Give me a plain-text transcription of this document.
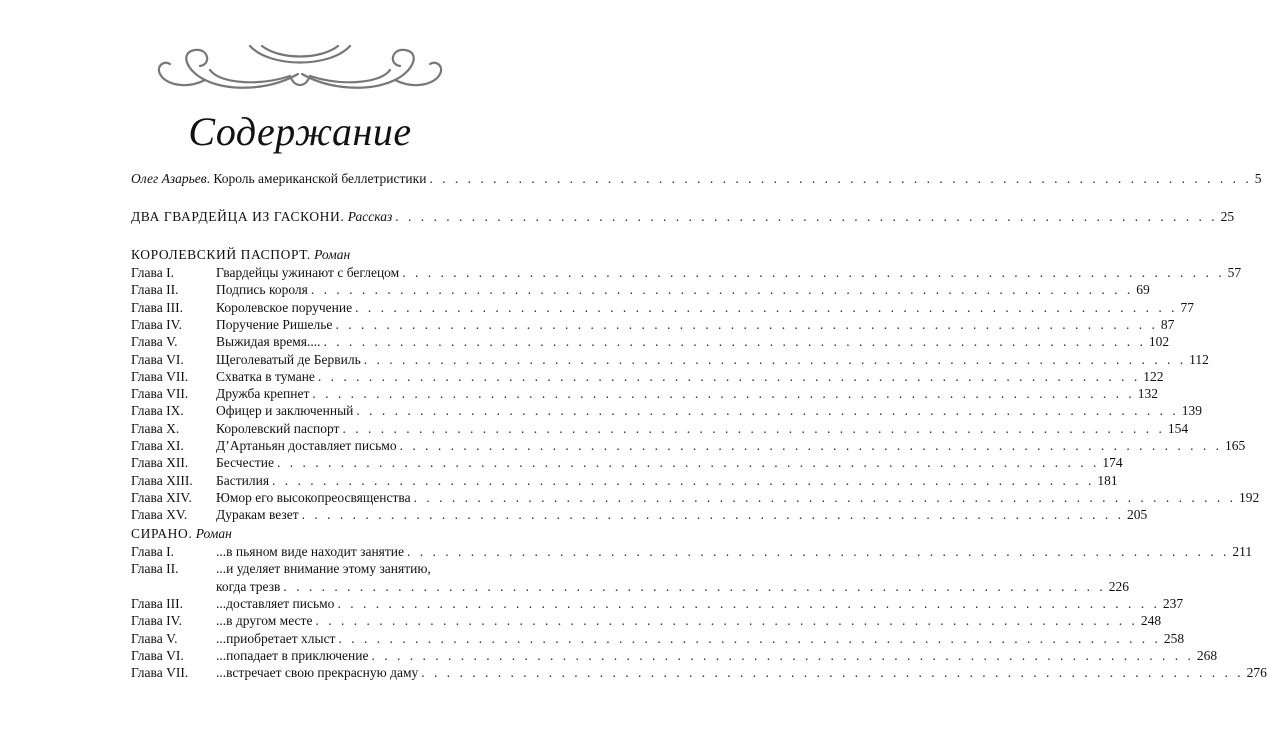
Содержание
Олег Азарьев. Король американской беллетристики . . .	5
ДВА ГВАРДЕЙЦА ИЗ ГАСКОНИ. Рассказ . . .	25
КОРОЛЕВСКИЙ ПАСПОРТ. Роман
Глава I.	Гвардейцы ужинают с беглецом . . .	57
Глава II.	Подпись короля . . .	69
Глава III.	Королевское поручение . . .	77
Глава IV.	Поручение Ришелье . . .	87
Глава V.	Выжидая время.... . . .	102
Глава VI.	Щеголеватый де Бервиль . . .	112
Глава VII.	Схватка в тумане . . .	122
Глава VII.	Дружба крепнет . . .	132
Глава IX.	Офицер и заключенный . . .	139
Глава X.	Королевский паспорт . . .	154
Глава XI.	Д’Артаньян доставляет письмо . . .	165
Глава XII.	Бесчестие . . .	174
Глава XIII.	Бастилия . . .	181
Глава XIV.	Юмор его высокопреосвященства . . .	192
Глава XV.	Дуракам везет . . .	205
СИРАНО. Роман
Глава I.	...в пьяном виде находит занятие . . .	211
Глава II.	...и уделяет внимание этому занятию,
когда трезв . . .	226
Глава III.	...доставляет письмо . . .	237
Глава IV.	...в другом месте . . .	248
Глава V.	...приобретает хлыст . . .	258
Глава VI.	...попадает в приключение . . .	268
Глава VII.	...встречает свою прекрасную даму . . .	276
